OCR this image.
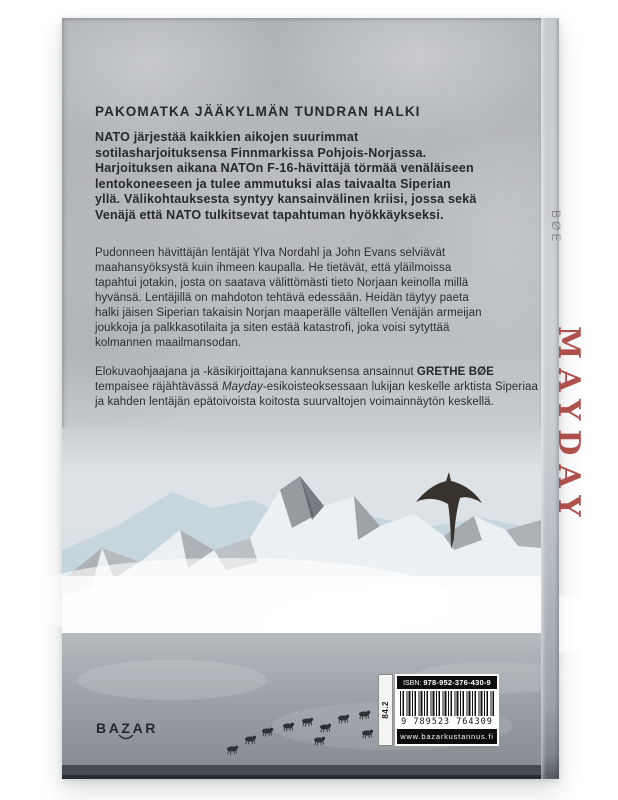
PAKOMATKA JÄÄKYLMÄN TUNDRAN HALKI
NATO järjestää kaikkien aikojen suurimmat
sotilasharjoituksensa Finnmarkissa Pohjois-Norjassa.
Harjoituksen aikana NATOn F-16-hävittäjä törmää venäläiseen
lentokoneeseen ja tulee ammutuksi alas taivaalta Siperian
yllä. Välikohtauksesta syntyy kansainvälinen kriisi, jossa sekä
Venäjä että NATO tulkitsevat tapahtuman hyökkäykseksi.
Pudonneen hävittäjän lentäjät Ylva Nordahl ja John Evans selviävät
maahansyöksystä kuin ihmeen kaupalla. He tietävät, että yläilmoissa
tapahtui jotakin, josta on saatava välittömästi tieto Norjaan keinolla millä
hyvänsä. Lentäjillä on mahdoton tehtävä edessään. Heidän täytyy paeta
halki jäisen Siperian takaisin Norjan maaperälle vältellen Venäjän armeijan
joukkoja ja palkkasotilaita ja siten estää katastrofi, joka voisi sytyttää
kolmannen maailmansodan.
Elokuvaohjaajana ja -käsikirjoittajana kannuksensa ansainnut GRETHE BØE tempaisee räjähtävässä Mayday-esikoisteoksessaan lukijan keskelle arktista Siperiaa ja kahden lentäjän epätoivoista koitosta suurvaltojen voimainnäytön keskellä.
BAZAR
84.2
ISBN: 978-952-376-430-9
9 789523 764309
www.bazarkustannus.fi
BØE
MAYDAY
